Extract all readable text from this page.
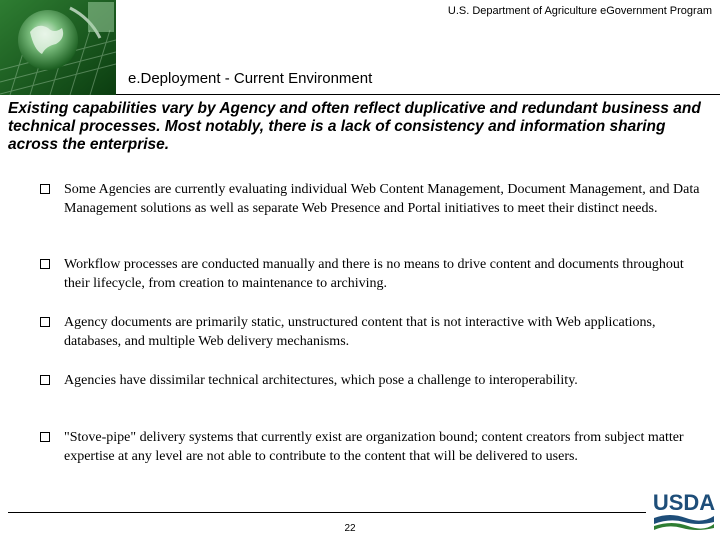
U.S. Department of Agriculture eGovernment Program
e.Deployment - Current Environment
Existing capabilities vary by Agency and often reflect duplicative and redundant business and technical processes. Most notably, there is a lack of consistency and information sharing across the enterprise.
Some Agencies are currently evaluating individual Web Content Management, Document Management, and Data Management solutions as well as separate Web Presence and Portal initiatives to meet their distinct needs.
Workflow processes are conducted manually and there is no means to drive content and documents throughout their lifecycle, from creation to maintenance to archiving.
Agency documents are primarily static, unstructured content that is not interactive with Web applications, databases, and multiple Web delivery mechanisms.
Agencies have dissimilar technical architectures, which pose a challenge to interoperability.
"Stove-pipe" delivery systems that currently exist are organization bound; content creators from subject matter expertise at any level are not able to contribute to the content that will be delivered to users.
22
USDA
